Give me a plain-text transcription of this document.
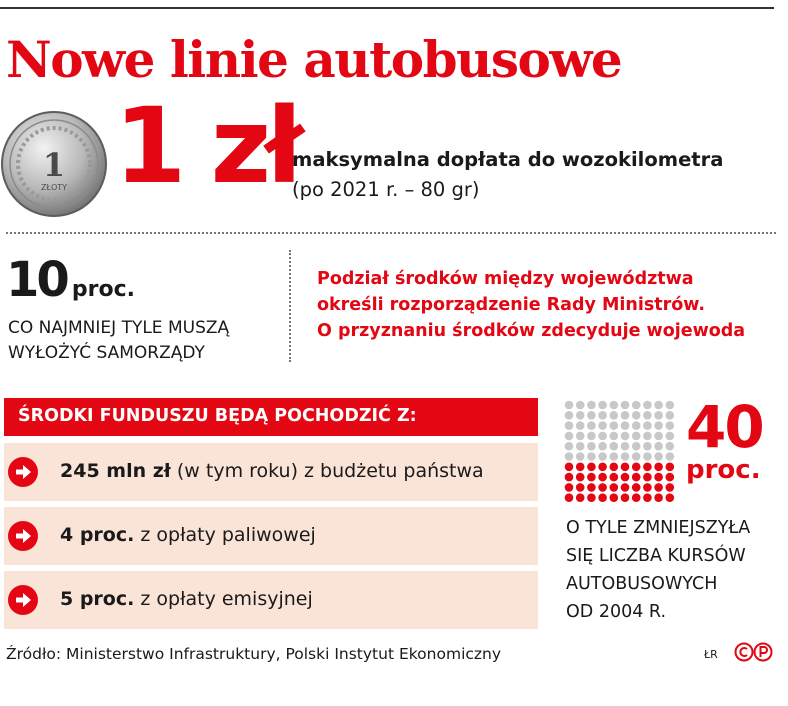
Nowe linie autobusowe
1
ZŁOTY 1 zł
maksymalna dopłata do wozokilometra
(po 2021 r. – 80 gr)
10 proc.
CO NAJMNIEJ TYLE MUSZĄ
WYŁOŻYĆ SAMORZĄDY
Podział środków między województwa
określi rozporządzenie Rady Ministrów.
O przyznaniu środków zdecyduje wojewoda
ŚRODKI FUNDUSZU BĘDĄ POCHODZIĆ Z:
245 mln zł (w tym roku) z budżetu państwa
4 proc. z opłaty paliwowej
5 proc. z opłaty emisyjnej
40
proc.
O TYLE ZMNIEJSZYŁA
SIĘ LICZBA KURSÓW
AUTOBUSOWYCH
OD 2004 R.
Źródło: Ministerstwo Infrastruktury, Polski Instytut Ekonomiczny	ŁR
